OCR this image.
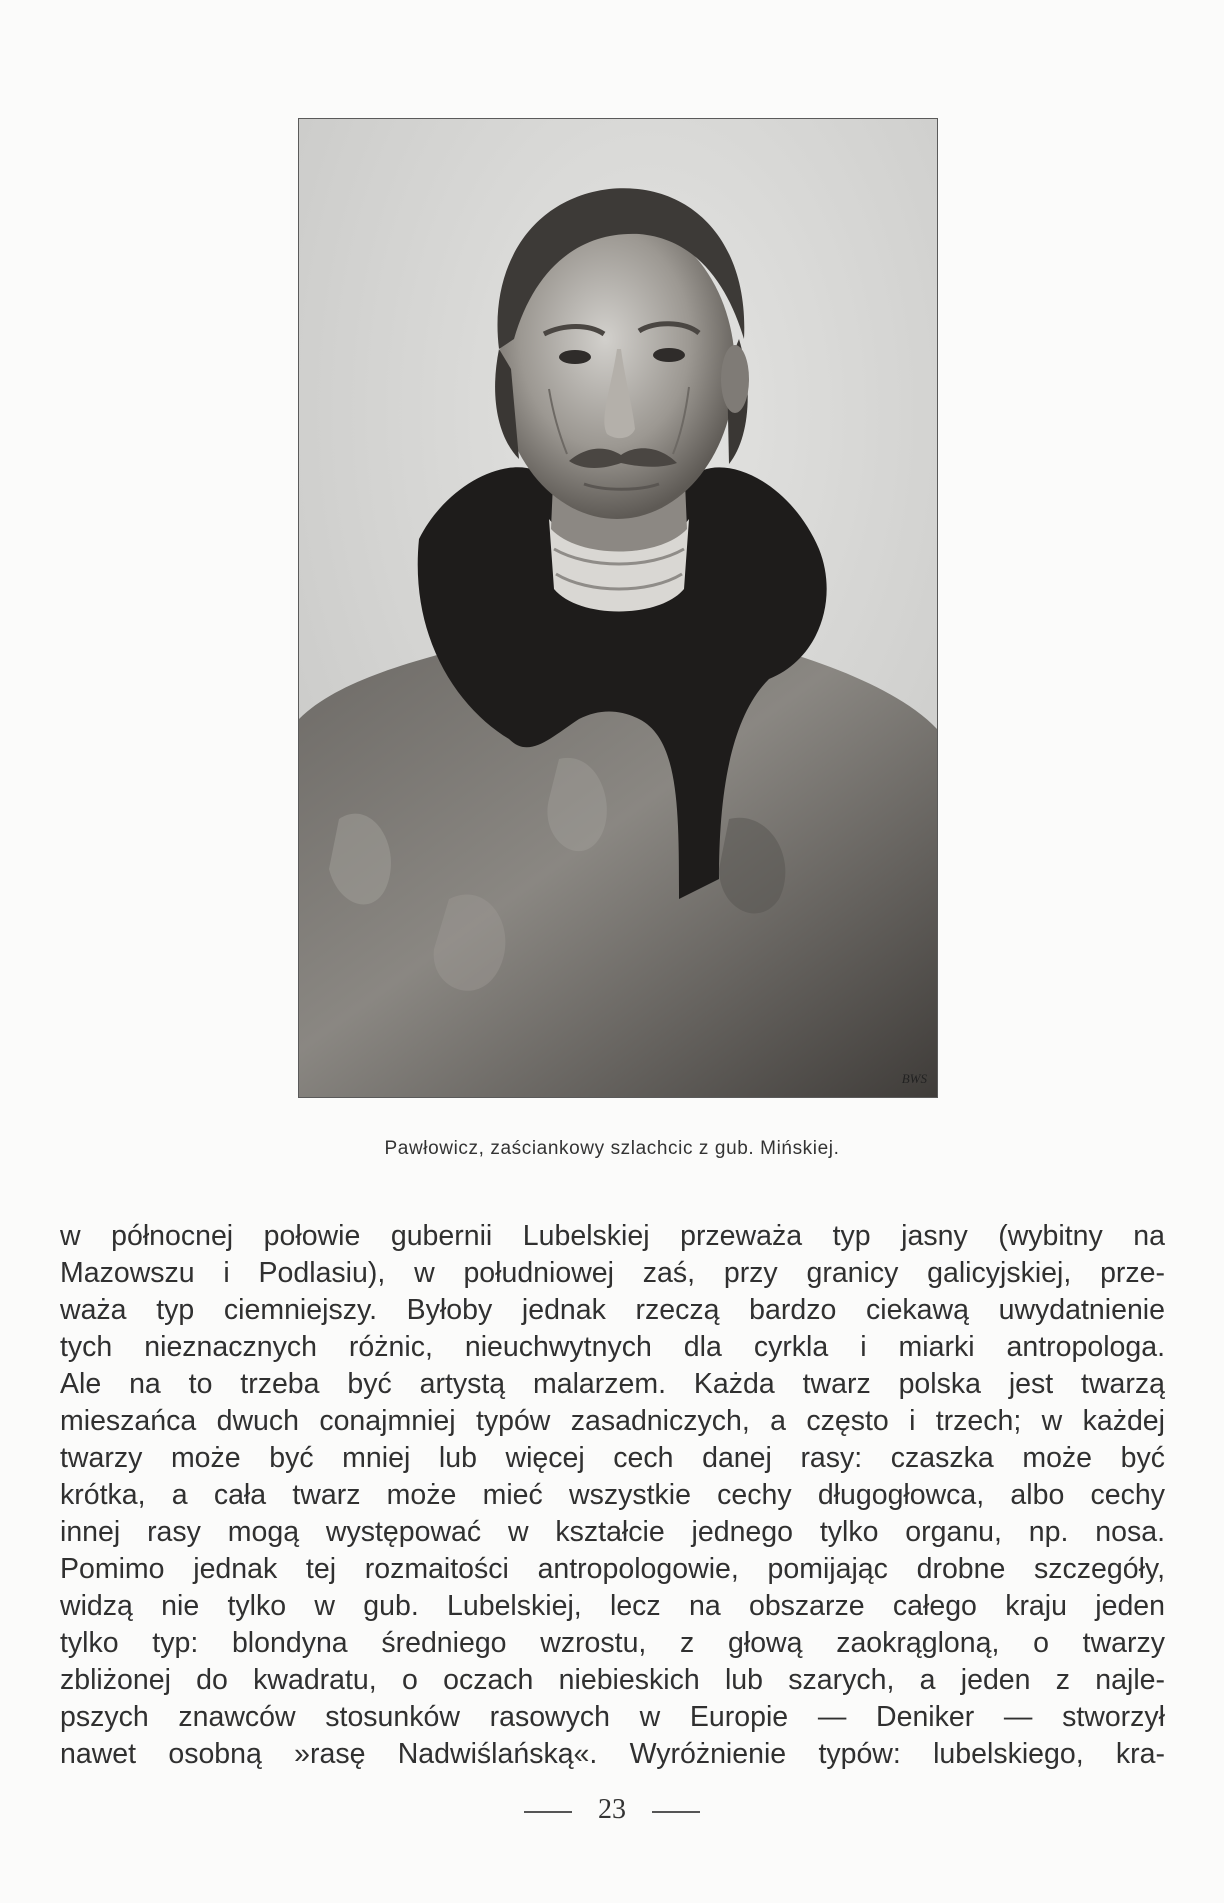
BWS
Pawłowicz, zaściankowy szlachcic z gub. Mińskiej.
w północnej połowie gubernii Lubelskiej przeważa typ jasny (wybitny na
Mazowszu i Podlasiu), w południowej zaś, przy granicy galicyjskiej, prze-
waża typ ciemniejszy. Byłoby jednak rzeczą bardzo ciekawą uwydatnienie
tych nieznacznych różnic, nieuchwytnych dla cyrkla i miarki antropologa.
Ale na to trzeba być artystą malarzem. Każda twarz polska jest twarzą
mieszańca dwuch conajmniej typów zasadniczych, a często i trzech; w każdej
twarzy może być mniej lub więcej cech danej rasy: czaszka może być
krótka, a cała twarz może mieć wszystkie cechy długogłowca, albo cechy
innej rasy mogą występować w kształcie jednego tylko organu, np. nosa.
Pomimo jednak tej rozmaitości antropologowie, pomijając drobne szczegóły,
widzą nie tylko w gub. Lubelskiej, lecz na obszarze całego kraju jeden
tylko typ: blondyna średniego wzrostu, z głową zaokrągloną, o twarzy
zbliżonej do kwadratu, o oczach niebieskich lub szarych, a jeden z najle-
pszych znawców stosunków rasowych w Europie — Deniker — stworzył
nawet osobną »rasę Nadwiślańską«. Wyróżnienie typów: lubelskiego, kra-
23
